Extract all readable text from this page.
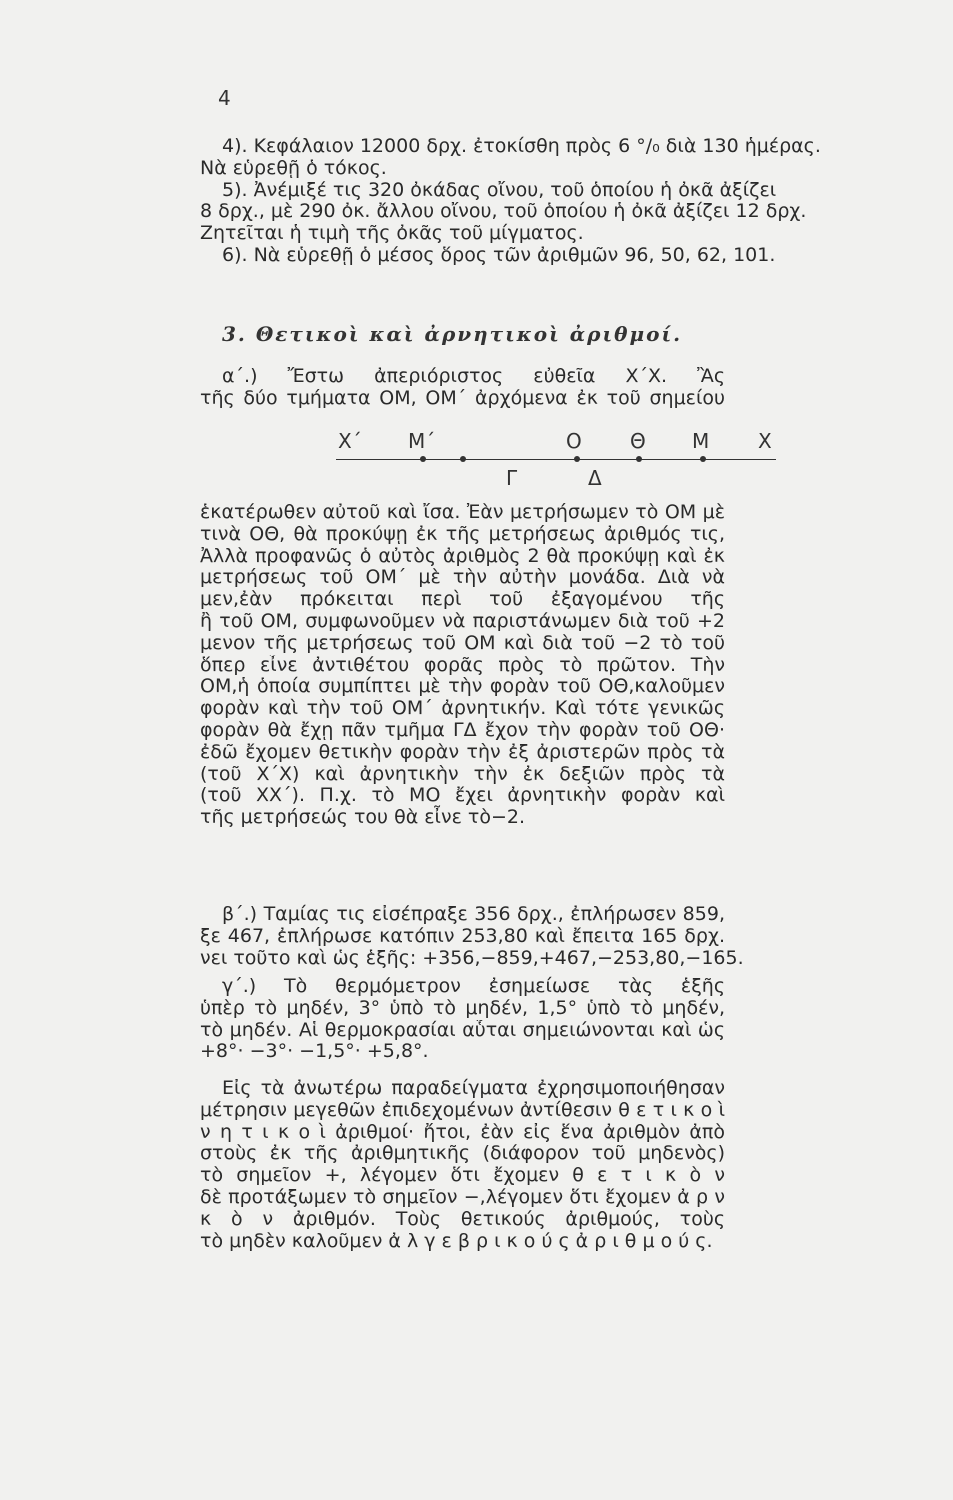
4
4). Κεφάλαιον 12000 δρχ. ἐτοκίσθη πρὸς 6 °/₀ διὰ 130 ἡμέρας.
Νὰ εὑρεθῇ ὁ τόκος.
5). Ἀνέμιξέ τις 320 ὀκάδας οἴνου, τοῦ ὁποίου ἡ ὀκᾶ ἀξίζει
8 δρχ., μὲ 290 ὀκ. ἄλλου οἴνου, τοῦ ὁποίου ἡ ὀκᾶ ἀξίζει 12 δρχ.
Ζητεῖται ἡ τιμὴ τῆς ὀκᾶς τοῦ μίγματος.
6). Νὰ εὑρεθῇ ὁ μέσος ὅρος τῶν ἀριθμῶν 96, 50, 62, 101.
3. Θετικοὶ καὶ ἀρνητικοὶ ἀριθμοί.
α΄.) Ἔστω ἀπεριόριστος εὐθεῖα Χ΄Χ. Ἂς
τῆς δύο τμήματα ΟΜ, ΟΜ΄ ἀρχόμενα ἐκ τοῦ σημείου
Χ΄ Μ΄	Ο Θ Μ Χ
Γ	Δ
ἑκατέρωθεν αὐτοῦ καὶ ἴσα. Ἐὰν μετρήσωμεν τὸ ΟΜ μὲ
τινὰ ΟΘ, θὰ προκύψῃ ἐκ τῆς μετρήσεως ἀριθμός τις,
Ἀλλὰ προφανῶς ὁ αὐτὸς ἀριθμὸς 2 θὰ προκύψῃ καὶ ἐκ
μετρήσεως τοῦ ΟΜ΄ μὲ τὴν αὐτὴν μονάδα. Διὰ νὰ
μεν,ἐὰν πρόκειται περὶ τοῦ ἐξαγομένου τῆς
ἢ τοῦ ΟΜ, συμφωνοῦμεν νὰ παριστάνωμεν διὰ τοῦ +2
μενον τῆς μετρήσεως τοῦ ΟΜ καὶ διὰ τοῦ −2 τὸ τοῦ
ὅπερ εἶνε ἀντιθέτου φορᾶς πρὸς τὸ πρῶτον. Τὴν
ΟΜ,ἡ ὁποία συμπίπτει μὲ τὴν φορὰν τοῦ ΟΘ,καλοῦμεν
φορὰν καὶ τὴν τοῦ ΟΜ΄ ἀρνητικήν. Καὶ τότε γενικῶς
φορὰν θὰ ἔχῃ πᾶν τμῆμα ΓΔ ἔχον τὴν φορὰν τοῦ ΟΘ·
ἐδῶ ἔχομεν θετικὴν φορὰν τὴν ἐξ ἀριστερῶν πρὸς τὰ
(τοῦ Χ΄Χ) καὶ ἀρνητικὴν τὴν ἐκ δεξιῶν πρὸς τὰ
(τοῦ ΧΧ΄). Π.χ. τὸ ΜΟ ἔχει ἀρνητικὴν φορὰν καὶ
τῆς μετρήσεώς του θὰ εἶνε τὸ−2.
β΄.) Ταμίας τις εἰσέπραξε 356 δρχ., ἐπλήρωσεν 859,
ξε 467, ἐπλήρωσε κατόπιν 253,80 καὶ ἔπειτα 165 δρχ.
νει τοῦτο καὶ ὡς ἑξῆς: +356,−859,+467,−253,80,−165.
γ΄.) Τὸ θερμόμετρον ἐσημείωσε τὰς ἑξῆς
ὑπὲρ τὸ μηδέν, 3° ὑπὸ τὸ μηδέν, 1,5° ὑπὸ τὸ μηδέν,
τὸ μηδέν. Αἱ θερμοκρασίαι αὗται σημειώνονται καὶ ὡς
+8°· −3°· −1,5°· +5,8°.
Εἰς τὰ ἀνωτέρω παραδείγματα ἐχρησιμοποιήθησαν
μέτρησιν μεγεθῶν ἐπιδεχομένων ἀντίθεσιν θ ε τ ι κ ο ὶ
ν η τ ι κ ο ὶ ἀριθμοί· ἤτοι, ἐὰν εἰς ἕνα ἀριθμὸν ἀπὸ
στοὺς ἐκ τῆς ἀριθμητικῆς (διάφορον τοῦ μηδενὸς)
τὸ σημεῖον +, λέγομεν ὅτι ἔχομεν θ ε τ ι κ ὸ ν
δὲ προτάξωμεν τὸ σημεῖον −,λέγομεν ὅτι ἔχομεν ἀ ρ ν
κ ὸ ν ἀριθμόν. Τοὺς θετικούς ἀριθμούς, τοὺς
τὸ μηδὲν καλοῦμεν ἀ λ γ ε β ρ ι κ ο ύ ς ἀ ρ ι θ μ ο ύ ς.
